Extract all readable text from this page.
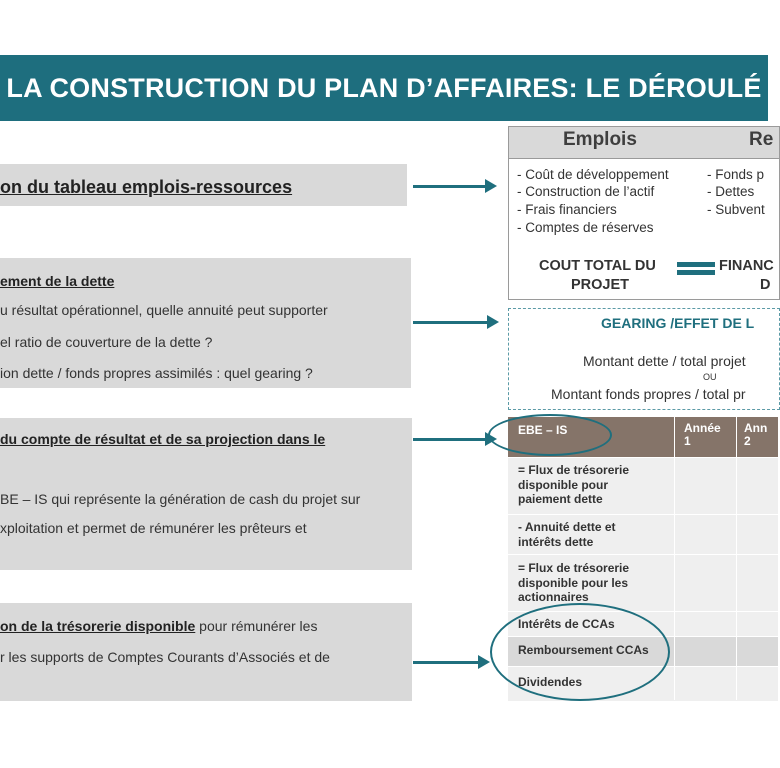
LA CONSTRUCTION DU PLAN D’AFFAIRES: LE DÉROULÉ
on du tableau emplois-ressources
ement de la dette
u résultat opérationnel, quelle annuité peut supporter
el ratio de couverture de la dette ?
ion dette / fonds propres assimilés : quel gearing ?
du compte de résultat et de sa projection dans le
BE – IS qui représente la génération de cash du projet sur
xploitation et permet de rémunérer les prêteurs et
on de la trésorerie disponible pour rémunérer les
r les supports de Comptes Courants d’Associés et de
Emplois	Re
- Coût de développement
- Construction de l’actif
- Frais financiers
- Comptes de réserves
- Fonds p
- Dettes
- Subvent
COUT TOTAL DU
PROJET
FINANC
D
GEARING /EFFET DE L
Montant dette / total projet
OU
Montant fonds propres / total pr
EBE – IS	Année
1
Ann
2
= Flux de trésorerie
disponible pour
paiement dette
- Annuité dette et
intérêts dette
= Flux de trésorerie
disponible pour les
actionnaires
Intérêts de CCAs
Remboursement CCAs
Dividendes
